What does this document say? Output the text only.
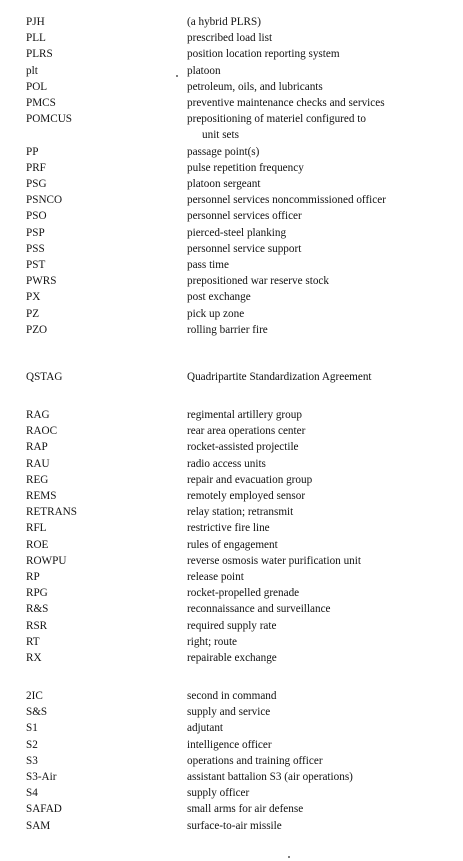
PJH	(a hybrid PLRS)
PLL	prescribed load list
PLRS	position location reporting system
plt	platoon
POL	petroleum, oils, and lubricants
PMCS	preventive maintenance checks and services
POMCUS	prepositioning of materiel configured to
unit sets
PP	passage point(s)
PRF	pulse repetition frequency
PSG	platoon sergeant
PSNCO	personnel services noncommissioned officer
PSO	personnel services officer
PSP	pierced-steel planking
PSS	personnel service support
PST	pass time
PWRS	prepositioned war reserve stock
PX	post exchange
PZ	pick up zone
PZO	rolling barrier fire
QSTAG	Quadripartite Standardization Agreement
RAG	regimental artillery group
RAOC	rear area operations center
RAP	rocket-assisted projectile
RAU	radio access units
REG	repair and evacuation group
REMS	remotely employed sensor
RETRANS	relay station; retransmit
RFL	restrictive fire line
ROE	rules of engagement
ROWPU	reverse osmosis water purification unit
RP	release point
RPG	rocket-propelled grenade
R&S	reconnaissance and surveillance
RSR	required supply rate
RT	right; route
RX	repairable exchange
2IC	second in command
S&S	supply and service
S1	adjutant
S2	intelligence officer
S3	operations and training officer
S3-Air	assistant battalion S3 (air operations)
S4	supply officer
SAFAD	small arms for air defense
SAM	surface-to-air missile
